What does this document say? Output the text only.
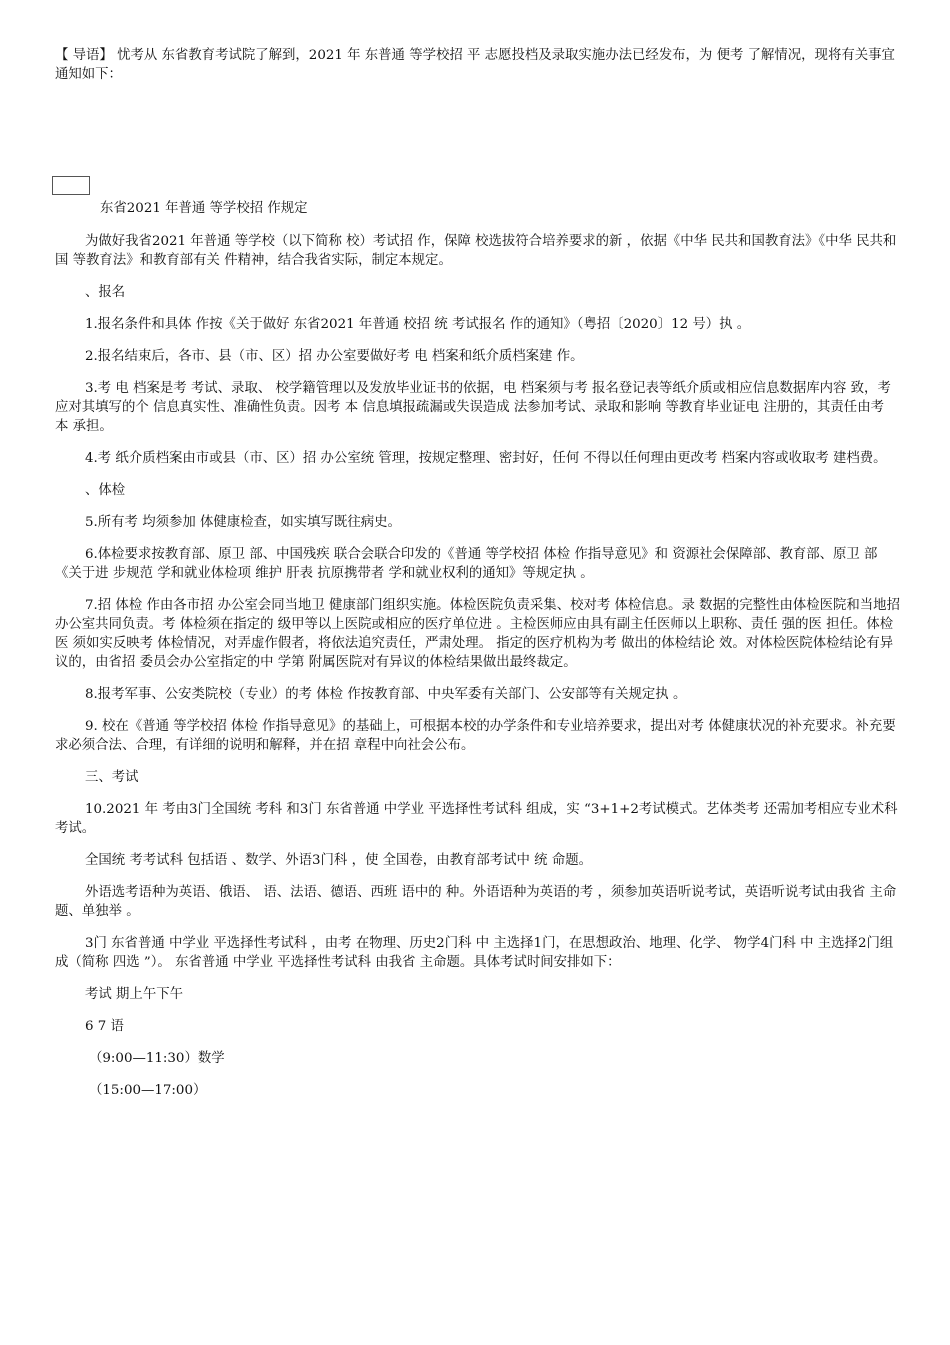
【 导语】 忧考从 东省教育考试院了解到，2021 年 东普通 等学校招 平 志愿投档及录取实施办法已经发布，为 便考 了解情况，现将有关事宜通知如下：
东省2021 年普通 等学校招 作规定

为做好我省2021 年普通 等学校（以下简称 校）考试招 作，保障 校选拔符合培养要求的新 ，依据《中华 民共和国教育法》《中华 民共和国 等教育法》和教育部有关 件精神，结合我省实际，制定本规定。

、报名

1.报名条件和具体 作按《关于做好 东省2021 年普通 校招 统 考试报名 作的通知》（粤招〔2020〕12 号）执 。

2.报名结束后，各市、县（市、区）招 办公室要做好考 电 档案和纸介质档案建 作。

3.考 电 档案是考 考试、录取、 校学籍管理以及发放毕业证书的依据，电 档案须与考 报名登记表等纸介质或相应信息数据库内容 致，考 应对其填写的个 信息真实性、准确性负责。因考 本 信息填报疏漏或失误造成 法参加考试、录取和影响 等教育毕业证电 注册的，其责任由考 本 承担。

4.考 纸介质档案由市或县（市、区）招 办公室统 管理，按规定整理、密封好，任何 不得以任何理由更改考 档案内容或收取考 建档费。

、体检

5.所有考 均须参加 体健康检查，如实填写既往病史。

6.体检要求按教育部、原卫 部、中国残疾 联合会联合印发的《普通 等学校招 体检 作指导意见》和 资源社会保障部、教育部、原卫 部《关于进 步规范 学和就业体检项 维护 肝表 抗原携带者 学和就业权利的通知》等规定执 。

7.招 体检 作由各市招 办公室会同当地卫 健康部门组织实施。体检医院负责采集、校对考 体检信息。录 数据的完整性由体检医院和当地招 办公室共同负责。考 体检须在指定的 级甲等以上医院或相应的医疗单位进 。主检医师应由具有副主任医师以上职称、责任 强的医 担任。体检医 须如实反映考 体检情况，对弄虚作假者，将依法追究责任，严肃处理。 指定的医疗机构为考 做出的体检结论 效。对体检医院体检结论有异议的，由省招 委员会办公室指定的中 学第 附属医院对有异议的体检结果做出最终裁定。

8.报考军事、公安类院校（专业）的考 体检 作按教育部、中央军委有关部门、公安部等有关规定执 。

9. 校在《普通 等学校招 体检 作指导意见》的基础上，可根据本校的办学条件和专业培养要求，提出对考 体健康状况的补充要求。补充要求必须合法、合理，有详细的说明和解释，并在招 章程中向社会公布。

三、考试

10.2021 年 考由3门全国统 考科 和3门 东省普通 中学业 平选择性考试科 组成，实 “3+1+2考试模式。艺体类考 还需加考相应专业术科考试。

全国统 考考试科 包括语 、数学、外语3门科 ，使 全国卷，由教育部考试中 统 命题。

外语选考语种为英语、俄语、 语、法语、德语、西班 语中的 种。外语语种为英语的考 ，须参加英语听说考试，英语听说考试由我省 主命题、单独举 。

3门 东省普通 中学业 平选择性考试科 ，由考 在物理、历史2门科 中 主选择1门，在思想政治、地理、化学、 物学4门科 中 主选择2门组成（简称 四选 ”）。 东省普通 中学业 平选择性考试科 由我省 主命题。具体考试时间安排如下：

考试 期上午下午

6 7 语

（9:00—11:30）数学

（15:00—17:00）
